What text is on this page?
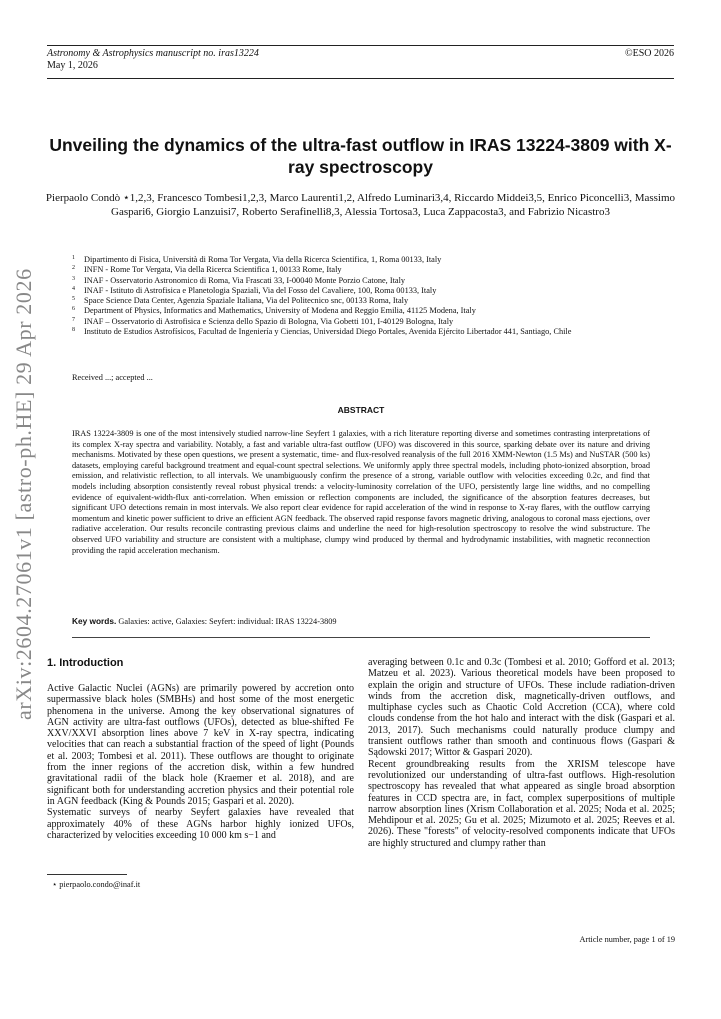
Astronomy & Astrophysics manuscript no. iras13224
May 1, 2026
©ESO 2026
arXiv:2604.27061v1 [astro-ph.HE] 29 Apr 2026
Unveiling the dynamics of the ultra-fast outflow in IRAS 13224-3809 with X-ray spectroscopy
Pierpaolo Condò ⋆1,2,3, Francesco Tombesi1,2,3, Marco Laurenti1,2, Alfredo Luminari3,4, Riccardo Middei3,5, Enrico Piconcelli3, Massimo Gaspari6, Giorgio Lanzuisi7, Roberto Serafinelli8,3, Alessia Tortosa3, Luca Zappacosta3, and Fabrizio Nicastro3
1 Dipartimento di Fisica, Università di Roma Tor Vergata, Via della Ricerca Scientifica, 1, Roma 00133, Italy
2 INFN - Rome Tor Vergata, Via della Ricerca Scientifica 1, 00133 Rome, Italy
3 INAF - Osservatorio Astronomico di Roma, Via Frascati 33, I-00040 Monte Porzio Catone, Italy
4 INAF - Istituto di Astrofisica e Planetologia Spaziali, Via del Fosso del Cavaliere, 100, Roma 00133, Italy
5 Space Science Data Center, Agenzia Spaziale Italiana, Via del Politecnico snc, 00133 Roma, Italy
6 Department of Physics, Informatics and Mathematics, University of Modena and Reggio Emilia, 41125 Modena, Italy
7 INAF – Osservatorio di Astrofisica e Scienza dello Spazio di Bologna, Via Gobetti 101, I-40129 Bologna, Italy
8 Instituto de Estudios Astrofísicos, Facultad de Ingeniería y Ciencias, Universidad Diego Portales, Avenida Ejército Libertador 441, Santiago, Chile
Received ...; accepted ...
ABSTRACT
IRAS 13224-3809 is one of the most intensively studied narrow-line Seyfert 1 galaxies, with a rich literature reporting diverse and sometimes contrasting interpretations of its complex X-ray spectra and variability. Notably, a fast and variable ultra-fast outflow (UFO) was discovered in this source, sparking debate over its nature and driving mechanisms. Motivated by these open questions, we present a systematic, time- and flux-resolved reanalysis of the full 2016 XMM-Newton (1.5 Ms) and NuSTAR (500 ks) datasets, employing careful background treatment and equal-count spectral selections. We uniformly apply three spectral models, including photo-ionized absorption, broad emission, and relativistic reflection, to all intervals. We unambiguously confirm the presence of a strong, variable outflow with velocities exceeding 0.2c, and find that models including absorption consistently reveal robust physical trends: a velocity-luminosity correlation of the UFO, persistently large line widths, and no compelling evidence of equivalent-width-flux anti-correlation. When emission or reflection components are included, the significance of the absorption features decreases, but significant UFO detections remain in most intervals. We also report clear evidence for rapid acceleration of the wind in response to X-ray flares, with the outflow carrying momentum and kinetic power sufficient to drive an efficient AGN feedback. The observed rapid response favors magnetic driving, analogous to coronal mass ejections, over radiative acceleration. Our results reconcile contrasting previous claims and underline the need for high-resolution spectroscopy to resolve the wind substructure. The observed UFO variability and structure are consistent with a multiphase, clumpy wind produced by thermal and hydrodynamic instabilities, with magnetic reconnection providing the rapid acceleration mechanism.
Key words. Galaxies: active, Galaxies: Seyfert: individual: IRAS 13224-3809
1. Introduction

Active Galactic Nuclei (AGNs) are primarily powered by accretion onto supermassive black holes (SMBHs) and host some of the most energetic phenomena in the universe. Among the key observational signatures of AGN activity are ultra-fast outflows (UFOs), detected as blue-shifted Fe XXV/XXVI absorption lines above 7 keV in X-ray spectra, indicating velocities that can reach a substantial fraction of the speed of light (Pounds et al. 2003; Tombesi et al. 2011). These outflows are thought to originate from the inner regions of the accretion disk, within a few hundred gravitational radii of the black hole (Kraemer et al. 2018), and are significant both for understanding accretion physics and their potential role in AGN feedback (King & Pounds 2015; Gaspari et al. 2020).

Systematic surveys of nearby Seyfert galaxies have revealed that approximately 40% of these AGNs harbor highly ionized UFOs, characterized by velocities exceeding 10 000 km s−1 and

averaging between 0.1c and 0.3c (Tombesi et al. 2010; Gofford et al. 2013; Matzeu et al. 2023). Various theoretical models have been proposed to explain the origin and structure of UFOs. These include radiation-driven winds from the accretion disk, magnetically-driven outflows, and multiphase cycles such as Chaotic Cold Accretion (CCA), where cold clouds condense from the hot halo and interact with the disk (Gaspari et al. 2013, 2017). Such mechanisms could naturally produce clumpy and transient outflows rather than smooth and continuous flows (Gaspari & Sądowski 2017; Wittor & Gaspari 2020).

Recent groundbreaking results from the XRISM telescope have revolutionized our understanding of ultra-fast outflows. High-resolution spectroscopy has revealed that what appeared as single broad absorption features in CCD spectra are, in fact, complex superpositions of multiple narrow absorption lines (Xrism Collaboration et al. 2025; Noda et al. 2025; Mehdipour et al. 2025; Gu et al. 2025; Mizumoto et al. 2025; Reeves et al. 2026). These "forests" of velocity-resolved components indicate that UFOs are highly structured and clumpy rather than

⋆ pierpaolo.condo@inaf.it
Article number, page 1 of 19
